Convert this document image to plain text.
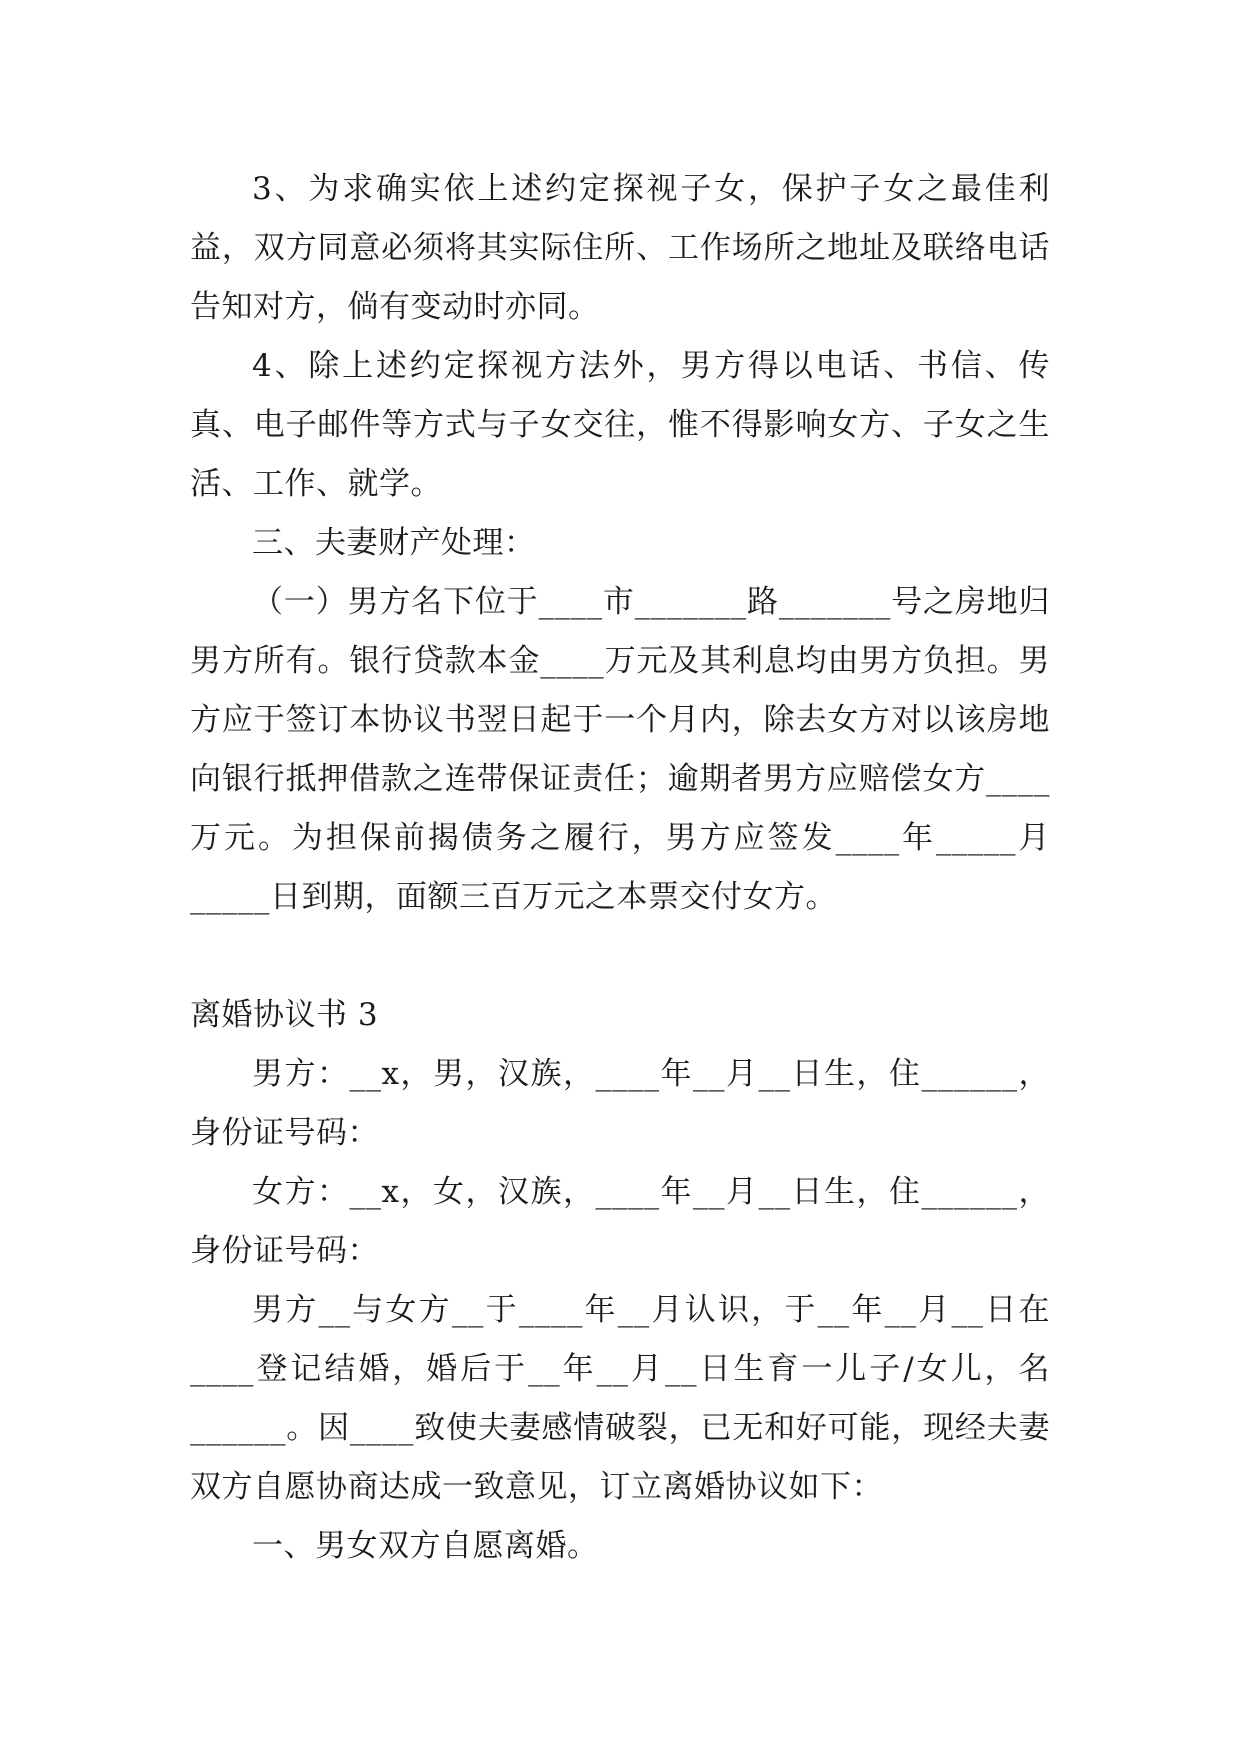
3、为求确实依上述约定探视子女，保护子女之最佳利益，双方同意必须将其实际住所、工作场所之地址及联络电话告知对方，倘有变动时亦同。

4、除上述约定探视方法外，男方得以电话、书信、传真、电子邮件等方式与子女交往，惟不得影响女方、子女之生活、工作、就学。

三、夫妻财产处理：

（一）男方名下位于____市_______路_______号之房地归男方所有。银行贷款本金____万元及其利息均由男方负担。男方应于签订本协议书翌日起于一个月内，除去女方对以该房地向银行抵押借款之连带保证责任；逾期者男方应赔偿女方____万元。为担保前揭债务之履行，男方应签发____年_____月_____日到期，面额三百万元之本票交付女方。

离婚协议书 3

男方：__x，男，汉族，____年__月__日生，住______，身份证号码：

女方：__x，女，汉族，____年__月__日生，住______，身份证号码：

男方__与女方__于____年__月认识，于__年__月__日在____登记结婚，婚后于__年__月__日生育一儿子/女儿，名______。因____致使夫妻感情破裂，已无和好可能，现经夫妻双方自愿协商达成一致意见，订立离婚协议如下：

一、男女双方自愿离婚。
